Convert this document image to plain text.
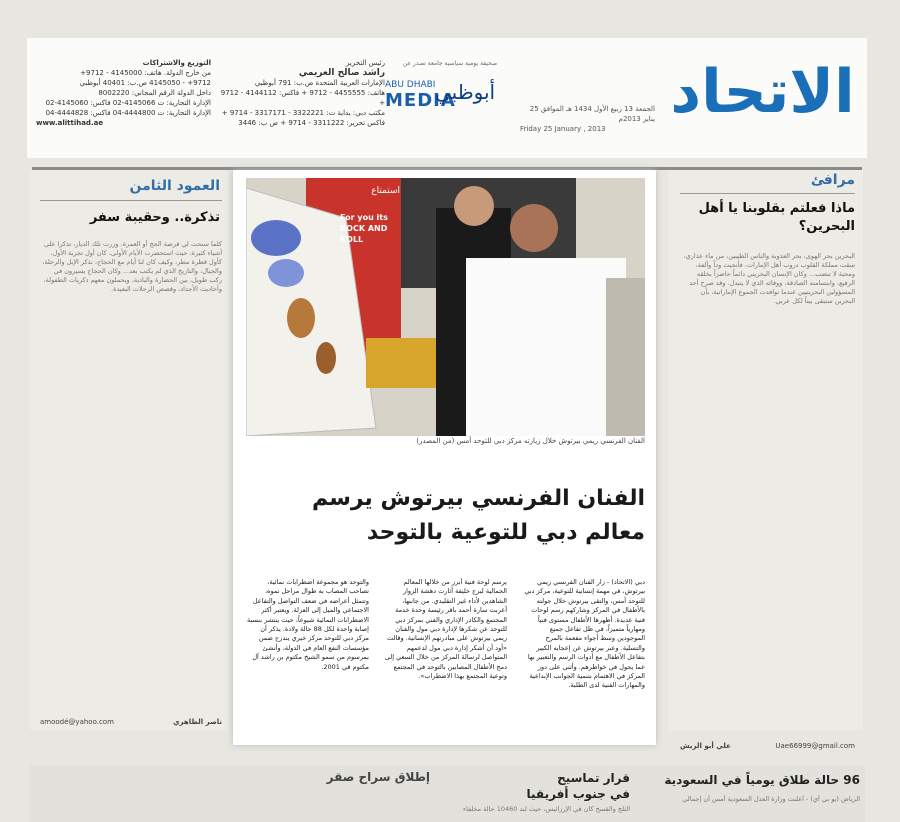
الاتحاد
الجمعة 13 ربيع الأول 1434 هـ الموافق 25 يناير 2013م
Friday 25 January , 2013
صحيفة يومية سياسية جامعة تصدر عن
ABU DHABI
MEDIA
أبوظبي
رئيس التحرير
راشد صالح العريمي
الإمارات العربية المتحدة ص.ب: 791 أبوظبي
هاتف: 4455555 - 9712 + فاكس: 4144112 - 9712 +
مكتب دبي: بداية ت: 3322221 - 3317171 - 9714 +
فاكس تحرير: 3311222 - 9714 + ص ب: 3446
التوزيع والاشتراكات
من خارج الدولة. هاتف: 4145000 - 9712+
9712+ - 4145050 ص.ب: 40401 أبوظبي
داخل الدولة الرقم المجاني: 8002220
الإدارة التجارية: ت 4145066-02 فاكس: 4145060-02
الإدارة التجارية: ت 4444800-04 فاكس: 4444828-04
www.alittihad.ae
العمود الثامن
تذكرة.. وحقيبة سفر
كلما سنحت لي فرصة الحج أو العمرة، وزرت تلك الديار، تذكرا على أشياء كثيرة، حيث استحضرت الأيام الأولى، كان أول تجربة الأول، كأول قطرة مطر، وكيف كان لنا أيام مع الحجاج، نذكر الإبل والرحلة، والجبال، والتاريخ الذي لم يكتب بعد... وكان الحجاج يسيرون في ركب طويل، بين الحضارة والبادية، ويحملون معهم ذكريات الطفولة، وأحاديث الأجداد، وقصص الرحلات البعيدة.
amoodé@yahoo.com	ناصر الظاهري
مرافئ
ماذا فعلتم بقلوبنا يا أهل البحرين؟
البحرين بحر الهوى، بحر العذوبة والناس الطيبين، من ماء عذاري، سقت مملكة القلوب دروب أهل الإمارات، فأنجبت وداً وألفة، ومحبة لا تنضب... وكان الإنسان البحريني دائماً حاضراً بخلقه الرفيع، وابتسامته الصادقة، ووفائه الذي لا يتبدل. وقد صرح أحد المسؤولين البحرينيين عندما توافدت الجموع الإماراتية، بأن البحرين ستبقى بيتاً لكل عربي.
علي أبو الريش	Uae66999@gmail.com
استمتاع
For you its
ROCK AND
ROLL
الفنان الفرنسي ريمي بيرتوش خلال زيارته مركز دبي للتوحد أمس (من المصدر)
الفنان الفرنسي بيرتوش يرسم معالم دبي للتوعية بالتوحد
دبي (الاتحاد) - زار الفنان الفرنسي ريمي بيرتوش، في مهمة إنسانية للتوعية، مركز دبي للتوحد أمس، والتقى بيرتوش خلال جولته بالأطفال في المركز وشاركهم رسم لوحات فنية عديدة. أظهرها الأطفال مستوى فنياً ومهارياً متميزاً، في ظل تفاعل جميع الموجودين وسط أجواء مفعمة بالمرح والتسلية. وعبر بيرتوش عن إعجابه الكبير بتفاعل الأطفال مع أدوات الرسم والتعبير بها عما يجول في خواطرهم. وأثنى على دور المركز في الاهتمام بتنمية الجوانب الإبداعية والمهارات الفنية لدى الطلبة.
يرسم لوحة فنية أبرز من خلالها المعالم الجمالية لبرج خليفة أثارت دهشة الزوار الشاهدين لأداء غير التقليدي. من جانبها، أعربت سارة أحمد باقر رئيسة وحدة خدمة المجتمع والكادر الإداري والفني بمركز دبي للتوحد عن شكرها لإدارة دبي مول والفنان ريمي بيرتوش على مبادرتهم الإنسانية. وقالت «أود أن أشكر إدارة دبي مول لدعمهم المتواصل لرسالة المركز من خلال السعي إلى دمج الأطفال المصابين بالتوحد في المجتمع وتوعية المجتمع بهذا الاضطراب».
والتوحد هو مجموعة اضطرابات نمائية، تصاحب المصاب به طوال مراحل نموه، وتتمثل أعراضه في ضعف التواصل والتفاعل الاجتماعي والميل إلى العزلة. ويعتبر أكثر الاضطرابات النمائية شيوعاً، حيث ينتشر بنسبة إصابة واحدة لكل 88 حالة ولادة. يذكر أن مركز دبي للتوحد مركز خيري يندرج ضمن مؤسسات النفع العام في الدولة، وأنشئ بمرسوم من سمو الشيخ مكتوم بن راشد آل مكتوم في 2001.
96 حالة طلاق يومياً في السعودية
الرياض (يو بي آي) - أعلنت وزارة العدل السعودية أمس أن إجمالي
قرار تماسيح
في جنوب أفريقيا
الثلج والقسح كان في الإرزائيس، حيث لند 10460 حالة مخلفاء
إطلاق سراح صقر
